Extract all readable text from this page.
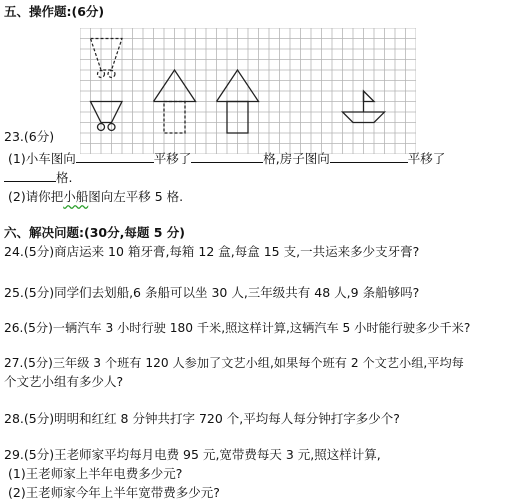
五、操作题:(6分)
23.(6分)
(1)小车图向	平移了	格,房子图向	平移了
格.
(2)请你把小船图向左平移 5 格.
六、解决问题:(30分,每题 5 分)
24.(5分)商店运来 10 箱牙膏,每箱 12 盒,每盒 15 支,一共运来多少支牙膏?
25.(5分)同学们去划船,6 条船可以坐 30 人,三年级共有 48 人,9 条船够吗?
26.(5分)一辆汽车 3 小时行驶 180 千米,照这样计算,这辆汽车 5 小时能行驶多少千米?
27.(5分)三年级 3 个班有 120 人参加了文艺小组,如果每个班有 2 个文艺小组,平均每
个文艺小组有多少人?
28.(5分)明明和红红 8 分钟共打字 720 个,平均每人每分钟打字多少个?
29.(5分)王老师家平均每月电费 95 元,宽带费每天 3 元,照这样计算,
(1)王老师家上半年电费多少元?
(2)王老师家今年上半年宽带费多少元?
